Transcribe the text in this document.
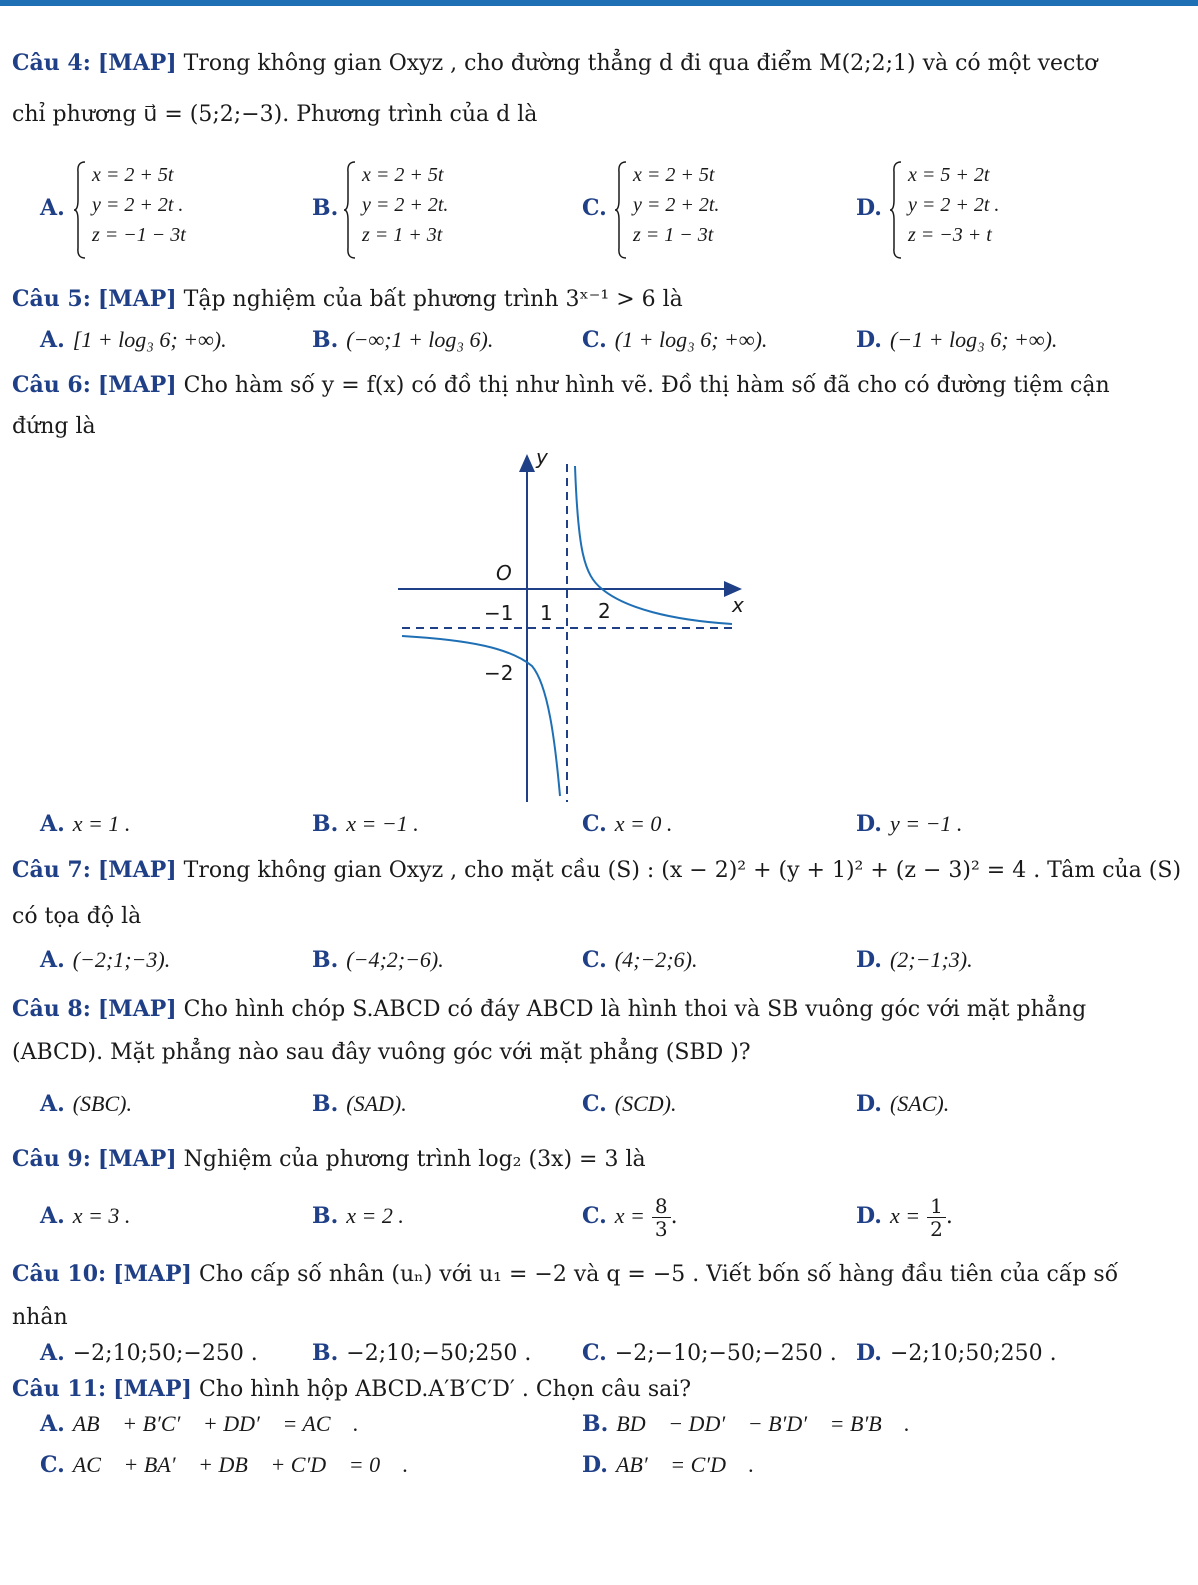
Câu 4: [MAP] Trong không gian Oxyz , cho đường thẳng d đi qua điểm M(2;2;1) và có một vectơ
chỉ phương u⃗ = (5;2;−3). Phương trình của d là
A.
x = 2 + 5t
y = 2 + 2t .
z = −1 − 3t
B.
x = 2 + 5t
y = 2 + 2t.
z = 1 + 3t
C.
x = 2 + 5t
y = 2 + 2t.
z = 1 − 3t
D.
x = 5 + 2t
y = 2 + 2t .
z = −3 + t
Câu 5: [MAP] Tập nghiệm của bất phương trình 3ˣ⁻¹ > 6 là
A. [1 + log₃ 6; +∞).	B. (−∞;1 + log₃ 6).	C. (1 + log₃ 6; +∞).	D. (−1 + log₃ 6; +∞).
Câu 6: [MAP] Cho hàm số y = f(x) có đồ thị như hình vẽ. Đồ thị hàm số đã cho có đường tiệm cận
đứng là
y
x
O
−1 1 2
−2
A. x = 1 .	B. x = −1 .	C. x = 0 .	D. y = −1 .
Câu 7: [MAP] Trong không gian Oxyz , cho mặt cầu (S) : (x − 2)² + (y + 1)² + (z − 3)² = 4 . Tâm của (S)
có tọa độ là
A. (−2;1;−3).	B. (−4;2;−6).	C. (4;−2;6).	D. (2;−1;3).
Câu 8: [MAP] Cho hình chóp S.ABCD có đáy ABCD là hình thoi và SB vuông góc với mặt phẳng
(ABCD). Mặt phẳng nào sau đây vuông góc với mặt phẳng (SBD )?
A. (SBC).	B. (SAD).	C. (SCD).	D. (SAC).
Câu 9: [MAP] Nghiệm của phương trình log₂ (3x) = 3 là
A. x = 3 .	B. x = 2 .	C. $x = \frac{8}{3}$ .	D. $x = \frac{1}{2}$ .
Câu 10: [MAP] Cho cấp số nhân (uₙ) với u₁ = −2 và q = −5 . Viết bốn số hàng đầu tiên của cấp số
nhân
A. −2;10;50;−250 . B. −2;10;−50;250 . C. −2;−10;−50;−250 . D. −2;10;50;250 .
Câu 11: [MAP] Cho hình hộp ABCD.A′B′C′D′ . Chọn câu sai?
A. AB⃗ + B′C′⃗ + DD′⃗ = AC⃗ .	B. BD⃗ − DD′⃗ − B′D′⃗ = B′B⃗ .
C. AC⃗ + BA′⃗ + DB⃗ + C′D⃗ = 0⃗ .	D. AB′⃗ = C′D⃗ .
